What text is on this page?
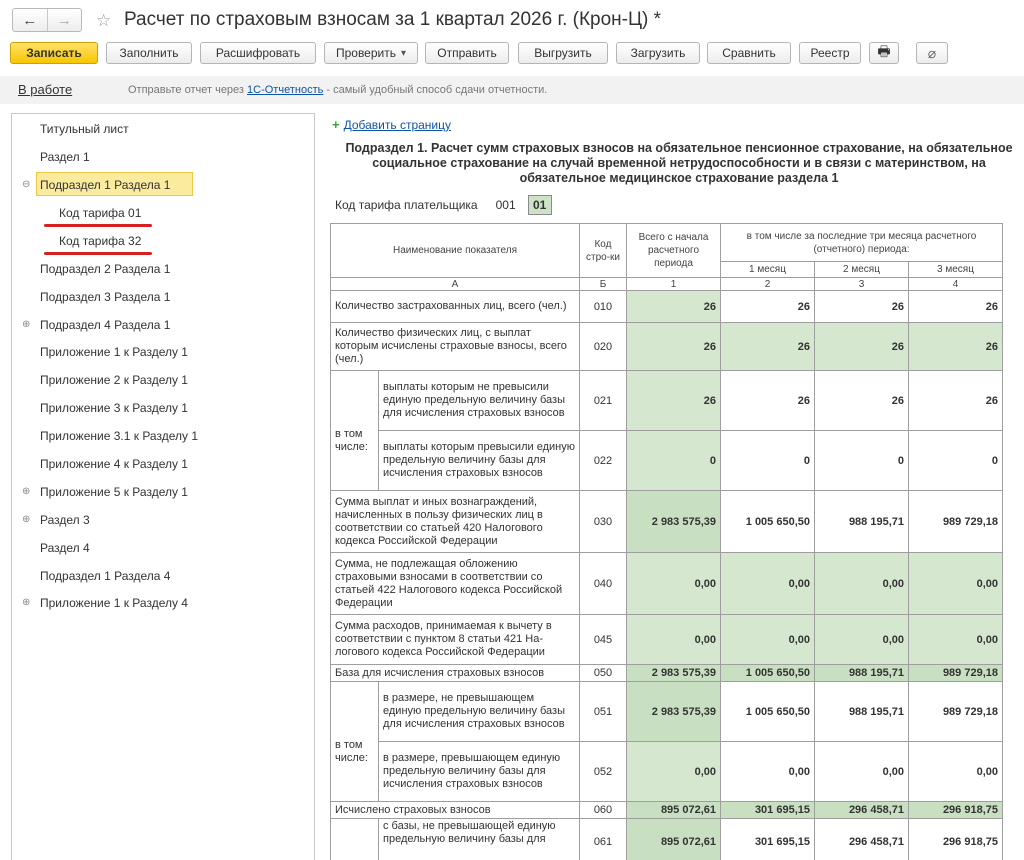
←	→	☆ Расчет по страховым взносам за 1 квартал 2026 г. (Крон-Ц) *
Записать	Заполнить	Расшифровать	Проверить ▾	Отправить	Выгрузить	Загрузить	Сравнить	Реестр	🖶	⌀
В работе	Отправьте отчет через 1С-Отчетность - самый удобный способ сдачи отчетности.
Титульный лист
Раздел 1
⊖ Подраздел 1 Раздела 1
Код тарифа 01
Код тарифа 32
Подраздел 2 Раздела 1
Подраздел 3 Раздела 1
⊕ Подраздел 4 Раздела 1
Приложение 1 к Разделу 1
Приложение 2 к Разделу 1
Приложение 3 к Разделу 1
Приложение 3.1 к Разделу 1
Приложение 4 к Разделу 1
⊕ Приложение 5 к Разделу 1
⊕ Раздел 3
Раздел 4
Подраздел 1 Раздела 4
⊕ Приложение 1 к Разделу 4
+ Добавить страницу
Подраздел 1. Расчет сумм страховых взносов на обязательное пенсионное страхование, на обязательное социальное страхование на случай временной нетрудоспособности и в связи с материнством, на обязательное медицинское страхование раздела 1
Код тарифа плательщика 001	01
Наименование показателя		Код стро-ки	Всего с начала расчетного периода	в том числе за последние три месяца расчетного (отчетного) периода:		
				1 месяц	2 месяц	3 месяц
А		Б	1	2	3	4
Количество застрахованных лиц, всего (чел.)		010	26	26	26	26
Количество физических лиц, с выплат которым исчислены страховые взносы, всего (чел.)		020	26	26	26	26
в том числе:	выплаты которым не превысили единую предельную величину базы для исчисления страховых взносов	021	26	26	26	26
	выплаты которым превысили единую предельную величину базы для исчисления страховых взносов	022	0	0	0	0
Сумма выплат и иных вознаграждений, начисленных в пользу физических лиц в соответствии со статьей 420 Налогового кодекса Российской Федерации		030	2 983 575,39	1 005 650,50	988 195,71	989 729,18
Сумма, не подлежащая обложению страховыми взносами в соответствии со статьей 422 Налогового кодекса Российской Федерации		040	0,00	0,00	0,00	0,00
Сумма расходов, принимаемая к вычету в соответствии с пунктом 8 статьи 421 На-логового кодекса Российской Федерации		045	0,00	0,00	0,00	0,00
База для исчисления страховых взносов		050	2 983 575,39	1 005 650,50	988 195,71	989 729,18
в том числе:	в размере, не превышающем единую предельную величину базы для исчисления страховых взносов	051	2 983 575,39	1 005 650,50	988 195,71	989 729,18
	в размере, превышающем единую предельную величину базы для исчисления страховых взносов	052	0,00	0,00	0,00	0,00
Исчислено страховых взносов		060	895 072,61	301 695,15	296 458,71	296 918,75
	с базы, не превышающей единую предельную величину базы для	061	895 072,61	301 695,15	296 458,71	296 918,75
